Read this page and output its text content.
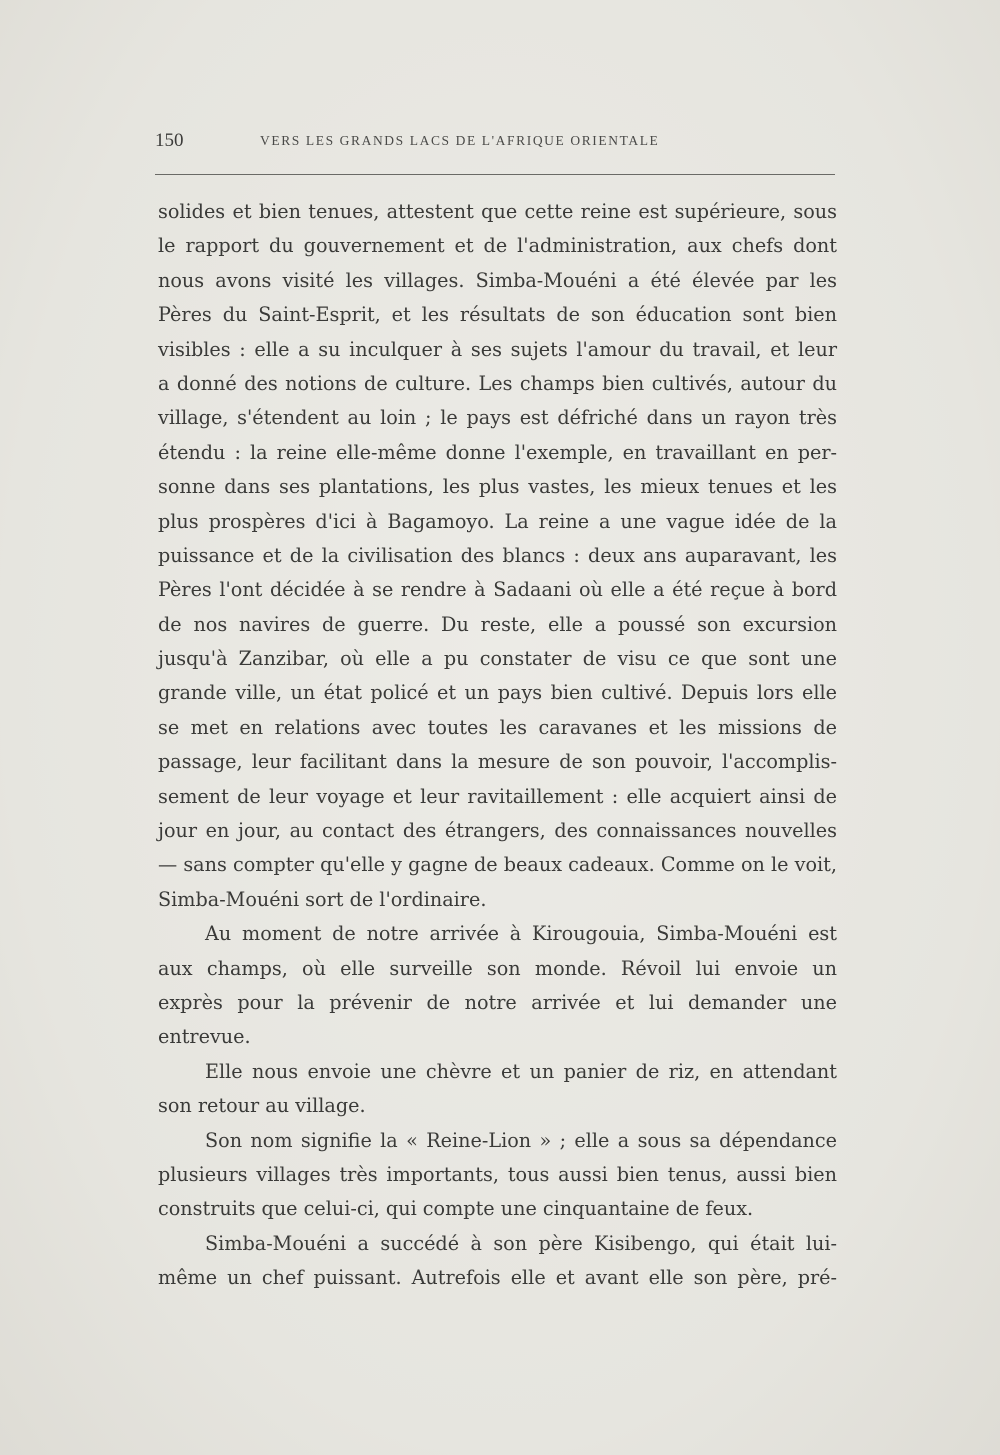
150	VERS LES GRANDS LACS DE L'AFRIQUE ORIENTALE
solides et bien tenues, attestent que cette reine est supérieure, sous
le rapport du gouvernement et de l'administration, aux chefs dont
nous avons visité les villages. Simba-Mouéni a été élevée par les
Pères du Saint-Esprit, et les résultats de son éducation sont bien
visibles : elle a su inculquer à ses sujets l'amour du travail, et leur
a donné des notions de culture. Les champs bien cultivés, autour du
village, s'étendent au loin ; le pays est défriché dans un rayon très
étendu : la reine elle-même donne l'exemple, en travaillant en per-
sonne dans ses plantations, les plus vastes, les mieux tenues et les
plus prospères d'ici à Bagamoyo. La reine a une vague idée de la
puissance et de la civilisation des blancs : deux ans auparavant, les
Pères l'ont décidée à se rendre à Sadaani où elle a été reçue à bord
de nos navires de guerre. Du reste, elle a poussé son excursion
jusqu'à Zanzibar, où elle a pu constater de visu ce que sont une
grande ville, un état policé et un pays bien cultivé. Depuis lors elle
se met en relations avec toutes les caravanes et les missions de
passage, leur facilitant dans la mesure de son pouvoir, l'accomplis-
sement de leur voyage et leur ravitaillement : elle acquiert ainsi de
jour en jour, au contact des étrangers, des connaissances nouvelles
— sans compter qu'elle y gagne de beaux cadeaux. Comme on le voit,
Simba-Mouéni sort de l'ordinaire.
Au moment de notre arrivée à Kirougouia, Simba-Mouéni est
aux champs, où elle surveille son monde. Révoil lui envoie un
exprès pour la prévenir de notre arrivée et lui demander une
entrevue.
Elle nous envoie une chèvre et un panier de riz, en attendant
son retour au village.
Son nom signifie la « Reine-Lion » ; elle a sous sa dépendance
plusieurs villages très importants, tous aussi bien tenus, aussi bien
construits que celui-ci, qui compte une cinquantaine de feux.
Simba-Mouéni a succédé à son père Kisibengo, qui était lui-
même un chef puissant. Autrefois elle et avant elle son père, pré-
